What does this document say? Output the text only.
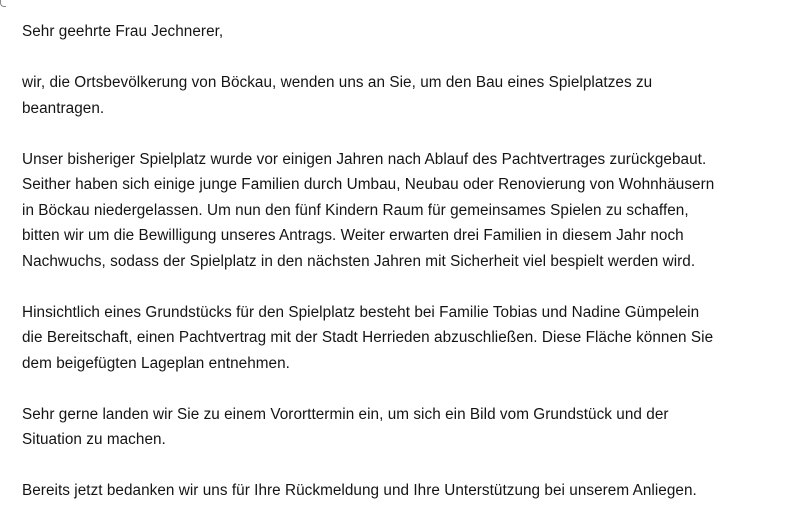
Sehr geehrte Frau Jechnerer,

wir, die Ortsbevölkerung von Böckau, wenden uns an Sie, um den Bau eines Spielplatzes zu

beantragen.

Unser bisheriger Spielplatz wurde vor einigen Jahren nach Ablauf des Pachtvertrages zurückgebaut.

Seither haben sich einige junge Familien durch Umbau, Neubau oder Renovierung von Wohnhäusern

in Böckau niedergelassen. Um nun den fünf Kindern Raum für gemeinsames Spielen zu schaffen,

bitten wir um die Bewilligung unseres Antrags. Weiter erwarten drei Familien in diesem Jahr noch

Nachwuchs, sodass der Spielplatz in den nächsten Jahren mit Sicherheit viel bespielt werden wird.

Hinsichtlich eines Grundstücks für den Spielplatz besteht bei Familie Tobias und Nadine Gümpelein

die Bereitschaft, einen Pachtvertrag mit der Stadt Herrieden abzuschließen. Diese Fläche können Sie

dem beigefügten Lageplan entnehmen.

Sehr gerne landen wir Sie zu einem Vororttermin ein, um sich ein Bild vom Grundstück und der

Situation zu machen.

Bereits jetzt bedanken wir uns für Ihre Rückmeldung und Ihre Unterstützung bei unserem Anliegen.
